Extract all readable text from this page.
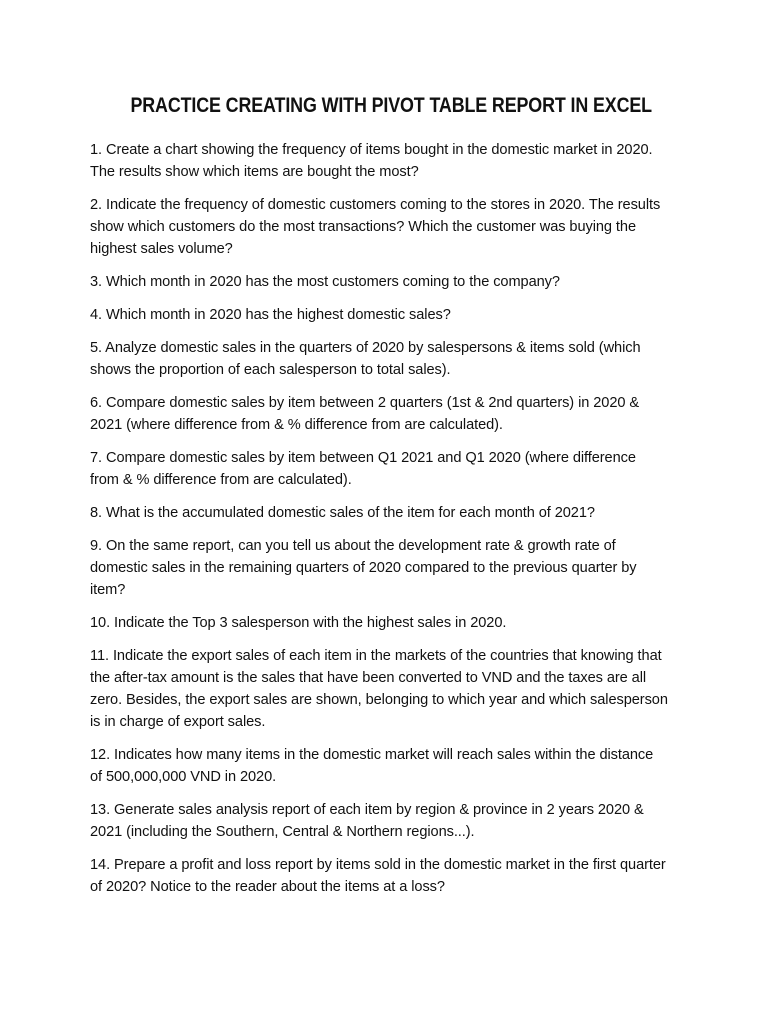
PRACTICE CREATING WITH PIVOT TABLE REPORT IN EXCEL
1. Create a chart showing the frequency of items bought in the domestic market in 2020. The results show which items are bought the most?
2. Indicate the frequency of domestic customers coming to the stores in 2020. The results show which customers do the most transactions? Which the customer was buying the highest sales volume?
3. Which month in 2020 has the most customers coming to the company?
4. Which month in 2020 has the highest domestic sales?
5. Analyze domestic sales in the quarters of 2020 by salespersons & items sold (which shows the proportion of each salesperson to total sales).
6. Compare domestic sales by item between 2 quarters (1st & 2nd quarters) in 2020 & 2021 (where difference from & % difference from are calculated).
7. Compare domestic sales by item between Q1 2021 and Q1 2020 (where difference from & % difference from are calculated).
8. What is the accumulated domestic sales of the item for each month of 2021?
9. On the same report, can you tell us about the development rate & growth rate of domestic sales in the remaining quarters of 2020 compared to the previous quarter by item?
10. Indicate the Top 3 salesperson with the highest sales in 2020.
11. Indicate the export sales of each item in the markets of the countries that knowing that the after-tax amount is the sales that have been converted to VND and the taxes are all zero. Besides, the export sales are shown, belonging to which year and which salesperson is in charge of export sales.
12. Indicates how many items in the domestic market will reach sales within the distance of 500,000,000 VND in 2020.
13. Generate sales analysis report of each item by region & province in 2 years 2020 & 2021 (including the Southern, Central & Northern regions...).
14. Prepare a profit and loss report by items sold in the domestic market in the first quarter of 2020? Notice to the reader about the items at a loss?
